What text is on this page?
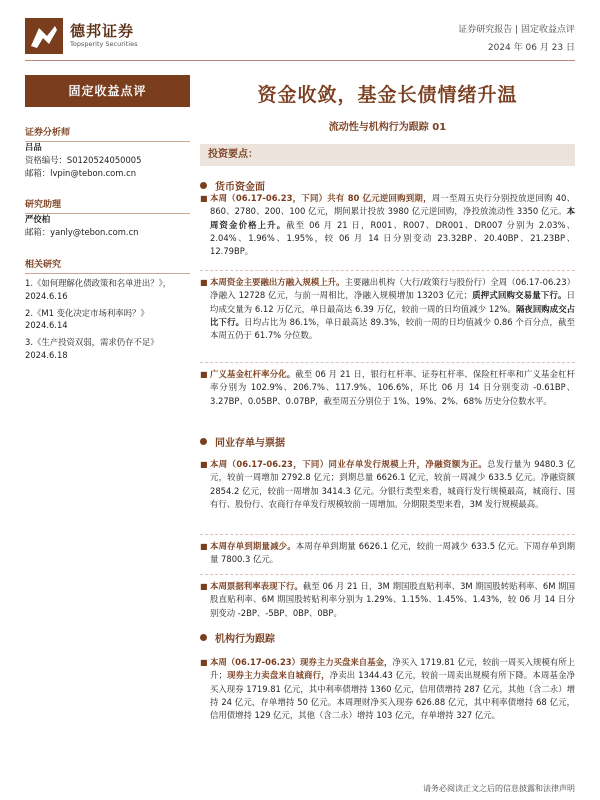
德邦证券
Topsperity Securities
证券研究报告 | 固定收益点评
2024 年 06 月 23 日
固定收益点评
证券分析师
吕品
资格编号：S0120524050005
邮箱：lvpin@tebon.com.cn
研究助理
严佼柏
邮箱：yanly@tebon.com.cn
相关研究
1.《如何理解化债政策和名单进出？》，2024.6.16
2.《M1 变化决定市场利率吗？》2024.6.14
3.《生产投资双弱，需求仍存不足》2024.6.18
资金收敛，基金长债情绪升温
流动性与机构行为跟踪 01
投资要点：
货币资金面
■ 本周（06.17-06.23，下同）共有 80 亿元逆回购到期，周一至周五央行分别投放逆回购 40、860、2780、200、100 亿元，期间累计投放 3980 亿元逆回购，净投放流动性 3350 亿元。本周资金价格上升。截至 06 月 21 日，R001、R007、DR001、DR007 分别为 2.03%、2.04%、1.96%、1.95%，较 06 月 14 日分别变动 23.32BP、20.40BP、21.23BP、12.79BP。
■ 本周资金主要融出方融入规模上升。主要融出机构（大行/政策行与股份行）全周（06.17-06.23）净融入 12728 亿元，与前一周相比，净融入规模增加 13203 亿元；质押式回购交易量下行。日均成交量为 6.12 万亿元，单日最高达 6.39 万亿，较前一周的日均值减少 12%。隔夜回购成交占比下行。日均占比为 86.1%，单日最高达 89.3%，较前一周的日均值减少 0.86 个百分点，截至本周五仍于 61.7% 分位数。
■ 广义基金杠杆率分化。截至 06 月 21 日，银行杠杆率、证券杠杆率、保险杠杆率和广义基金杠杆率分别为 102.9%、206.7%、117.9%、106.6%，环比 06 月 14 日分别变动 -0.61BP、3.27BP、0.05BP、0.07BP，截至周五分别位于 1%、19%、2%、68% 历史分位数水平。
同业存单与票据
■ 本周（06.17-06.23，下同）同业存单发行规模上升，净融资额为正。总发行量为 9480.3 亿元，较前一周增加 2792.8 亿元；到期总量 6626.1 亿元，较前一周减少 633.5 亿元。净融资额 2854.2 亿元，较前一周增加 3414.3 亿元。分银行类型来看，城商行发行规模最高，城商行、国有行、股份行、农商行存单发行规模较前一周增加。分期限类型来看，3M 发行规模最高。
■ 本周存单到期量减少。本周存单到期量 6626.1 亿元，较前一周减少 633.5 亿元。下周存单到期量 7800.3 亿元。
■ 本周票据利率表现下行。截至 06 月 21 日，3M 期国股直贴利率、3M 期国股转贴利率、6M 期国股直贴利率、6M 期国股转贴利率分别为 1.29%、1.15%、1.45%、1.43%，较 06 月 14 日分别变动 -2BP、-5BP、0BP、0BP。
机构行为跟踪
■ 本周（06.17-06.23）现券主力买盘来自基金，净买入 1719.81 亿元，较前一周买入规模有所上升；现券主力卖盘来自城商行，净卖出 1344.43 亿元，较前一周卖出规模有所下降。本周基金净买入现券 1719.81 亿元，其中利率债增持 1360 亿元，信用债增持 287 亿元，其他（含二永）增持 24 亿元，存单增持 50 亿元。本周理财净买入现券 626.88 亿元，其中利率债增持 68 亿元，信用债增持 129 亿元，其他（含二永）增持 103 亿元，存单增持 327 亿元。
请务必阅读正文之后的信息披露和法律声明
